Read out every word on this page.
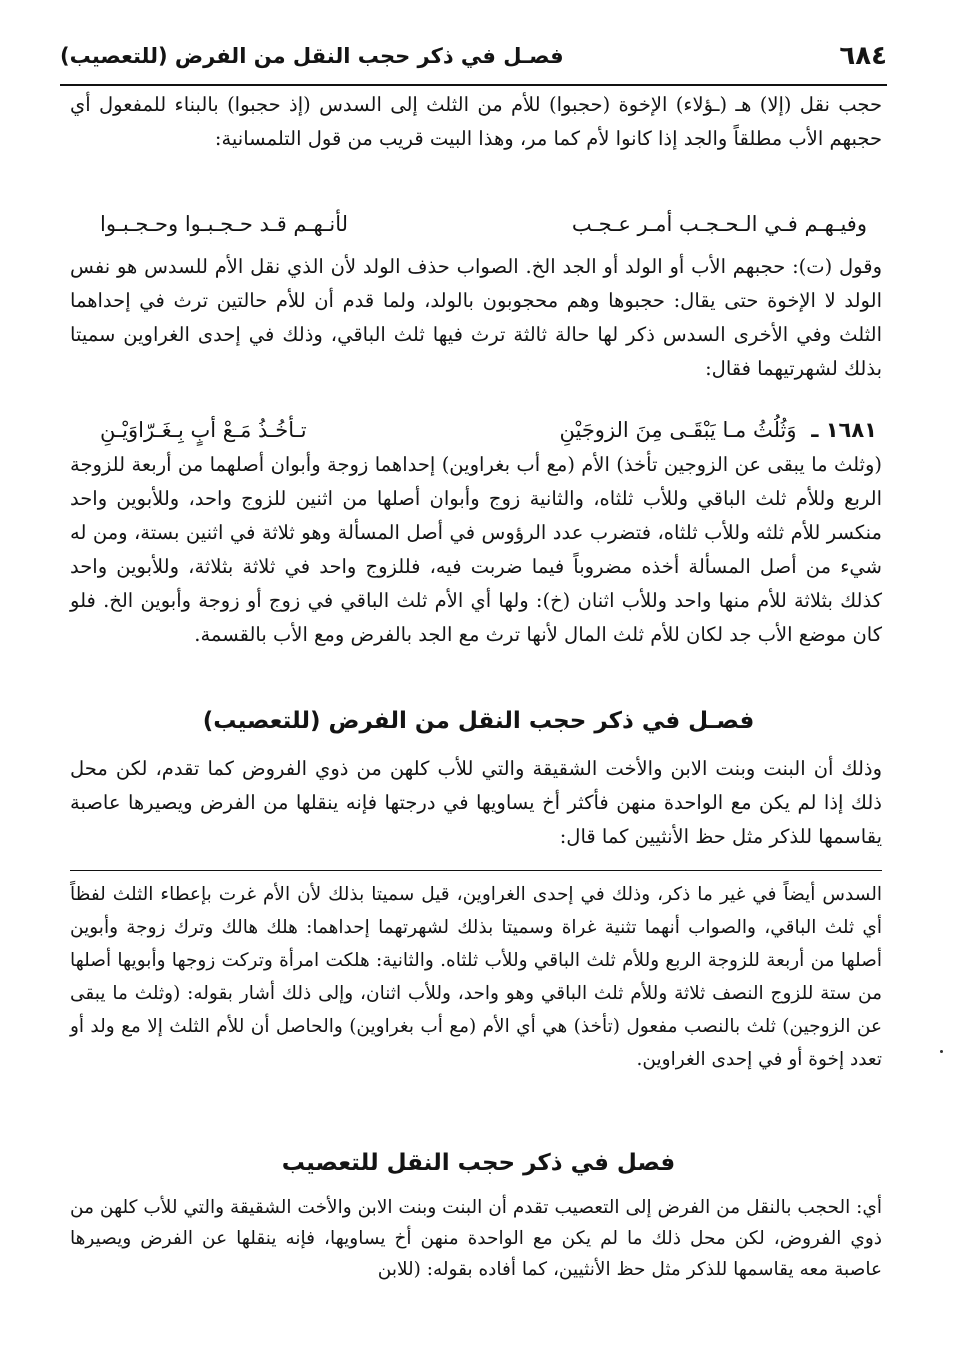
٦٨٤
فصـل في ذكر حجب النقل من الفرض (للتعصيب)

حجب نقل (إلا) هـ (ـؤلاء) الإخوة (حجبوا) للأم من الثلث إلى السدس (إذ حجبوا) بالبناء للمفعول أي حجبهم الأب مطلقاً والجد إذا كانوا لأم كما مر، وهذا البيت قريب من قول التلمسانية:

وفيـهـم فـي الـحـجـب أمـر عـجـب
لأنـهـم قـد حـجـبـوا وحـجـبـوا

وقول (ت): حجبهم الأب أو الولد أو الجد الخ. الصواب حذف الولد لأن الذي نقل الأم للسدس هو نفس الولد لا الإخوة حتى يقال: حجبوها وهم محجوبون بالولد، ولما قدم أن للأم حالتين ترث في إحداهما الثلث وفي الأخرى السدس ذكر لها حالة ثالثة ترث فيها ثلث الباقي، وذلك في إحدى الغراوين سميتا بذلك لشهرتيهما فقال:

١٦٨١ ـ وَثُلُثُ مـا يَبْقَـى مِنَ الزوجَيْنِ
تـأخُـذُ مَـعْ أبٍ بِـغَـرّاوَيْـنِ

(وثلث ما يبقى عن الزوجين تأخذ) الأم (مع أب بغراوين) إحداهما زوجة وأبوان أصلهما من أربعة للزوجة الربع وللأم ثلث الباقي وللأب ثلثاه، والثانية زوج وأبوان أصلها من اثنين للزوج واحد، وللأبوين واحد منكسر للأم ثلثه وللأب ثلثاه، فتضرب عدد الرؤوس في أصل المسألة وهو ثلاثة في اثنين بستة، ومن له شيء من أصل المسألة أخذه مضروباً فيما ضربت فيه، فللزوج واحد في ثلاثة بثلاثة، وللأبوين واحد كذلك بثلاثة للأم منها واحد وللأب اثنان (خ): ولها أي الأم ثلث الباقي في زوج أو زوجة وأبوين الخ. فلو كان موضع الأب جد لكان للأم ثلث المال لأنها ترث مع الجد بالفرض ومع الأب بالقسمة.

فصـل في ذكر حجب النقل من الفرض (للتعصيب)

وذلك أن البنت وبنت الابن والأخت الشقيقة والتي للأب كلهن من ذوي الفروض كما تقدم، لكن محل ذلك إذا لم يكن مع الواحدة منهن فأكثر أخ يساويها في درجتها فإنه ينقلها من الفرض ويصيرها عاصبة يقاسمها للذكر مثل حظ الأنثيين كما قال:

السدس أيضاً في غير ما ذكر، وذلك في إحدى الغراوين، قيل سميتا بذلك لأن الأم غرت بإعطاء الثلث لفظاً أي ثلث الباقي، والصواب أنهما تثنية غراة وسميتا بذلك لشهرتهما إحداهما: هلك هالك وترك زوجة وأبوين أصلها من أربعة للزوجة الربع وللأم ثلث الباقي وللأب ثلثاه. والثانية: هلكت امرأة وتركت زوجها وأبويها أصلها من ستة للزوج النصف ثلاثة وللأم ثلث الباقي وهو واحد، وللأب اثنان، وإلى ذلك أشار بقوله: (وثلث ما يبقى عن الزوجين) ثلث بالنصب مفعول (تأخذ) هي أي الأم (مع أب بغراوين) والحاصل أن للأم الثلث إلا مع ولد أو تعدد إخوة أو في إحدى الغراوين.

فصل في ذكر حجب النقل للتعصيب

أي: الحجب بالنقل من الفرض إلى التعصيب تقدم أن البنت وبنت الابن والأخت الشقيقة والتي للأب كلهن من ذوي الفروض، لكن محل ذلك ما لم يكن مع الواحدة منهن أخ يساويها، فإنه ينقلها عن الفرض ويصيرها عاصبة معه يقاسمها للذكر مثل حظ الأنثيين، كما أفاده بقوله: (للابن
